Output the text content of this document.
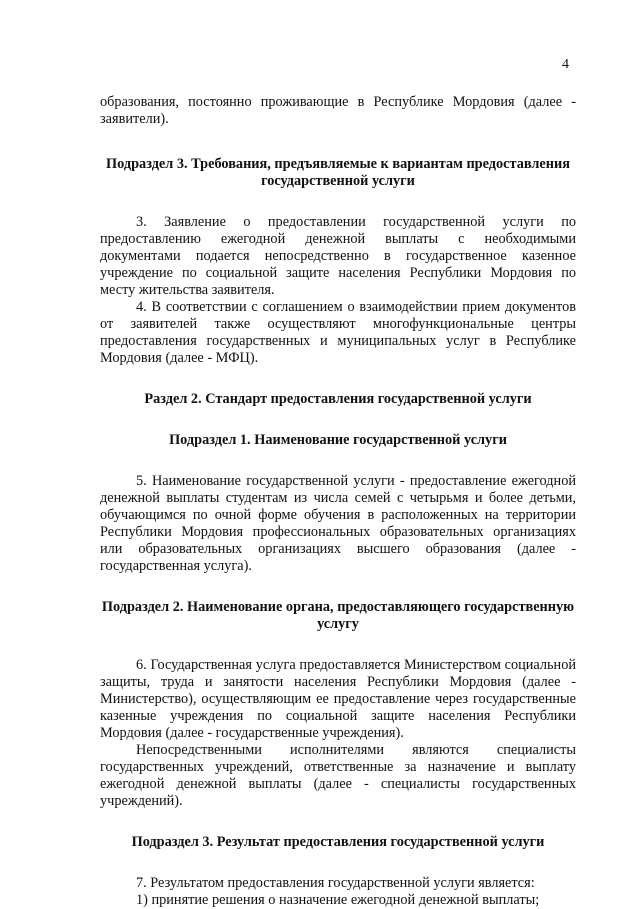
4

образования, постоянно проживающие в Республике Мордовия (далее - заявители).

Подраздел 3. Требования, предъявляемые к вариантам предоставления государственной услуги

3. Заявление о предоставлении государственной услуги по предоставлению ежегодной денежной выплаты с необходимыми документами подается непосредственно в государственное казенное учреждение по социальной защите населения Республики Мордовия по месту жительства заявителя.

4. В соответствии с соглашением о взаимодействии прием документов от заявителей также осуществляют многофункциональные центры предоставления государственных и муниципальных услуг в Республике Мордовия (далее - МФЦ).

Раздел 2. Стандарт предоставления государственной услуги
Подраздел 1. Наименование государственной услуги

5. Наименование государственной услуги - предоставление ежегодной денежной выплаты студентам из числа семей с четырьмя и более детьми, обучающимся по очной форме обучения в расположенных на территории Республики Мордовия профессиональных образовательных организациях или образовательных организациях высшего образования (далее - государственная услуга).

Подраздел 2. Наименование органа, предоставляющего государственную услугу

6. Государственная услуга предоставляется Министерством социальной защиты, труда и занятости населения Республики Мордовия (далее - Министерство), осуществляющим ее предоставление через государственные казенные учреждения по социальной защите населения Республики Мордовия (далее - государственные учреждения).

Непосредственными исполнителями являются специалисты государственных учреждений, ответственные за назначение и выплату ежегодной денежной выплаты (далее - специалисты государственных учреждений).

Подраздел 3. Результат предоставления государственной услуги

7. Результатом предоставления государственной услуги является:

1) принятие решения о назначение ежегодной денежной выплаты;
